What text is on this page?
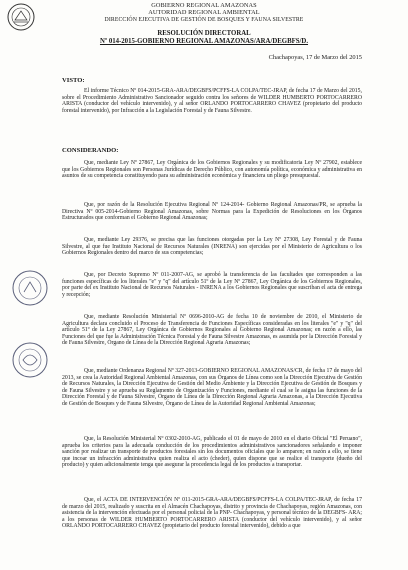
GOBIERNO REGIONAL AMAZONAS
AUTORIDAD REGIONAL AMBIENTAL
DIRECCIÓN EJECUTIVA DE GESTIÓN DE BOSQUES Y FAUNA SILVESTRE
RESOLUCIÓN DIRECTORAL
Nº 014-2015-GOBIERNO REGIONAL AMAZONAS/ARA/DEGBFS/D.
Chachapoyas, 17 de Marzo del 2015
VISTO:
El informe Técnico Nº 014-2015-GRA-ARA/DEGBFS/PCFFS-LA COLPA/TEC-JRAP, de fecha 17 de Marzo del 2015, sobre el Procedimiento Administrativo Sancionador seguido contra los señores de WILDER HUMBERTO PORTOCARRERO ARISTA (conductor del vehículo intervenido), y al señor ORLANDO PORTOCARRERO CHAVEZ (propietario del producto forestal intervenido), por Infracción a la Legislación Forestal y de Fauna Silvestre.
CONSIDERANDO:
Que, mediante Ley Nº 27867, Ley Orgánica de los Gobiernos Regionales y su modificatoria Ley Nº 27902, establece que los Gobiernos Regionales son Personas Jurídicas de Derecho Público, con autonomía política, económica y administrativa en asuntos de su competencia constituyendo para su administración económica y financiera un pliego presupuestal.
Que, por razón de la Resolución Ejecutiva Regional Nº 124-2014- Gobierno Regional Amazonas/PR, se aprueba la Directiva Nº 005-2014-Gobierno Regional Amazonas, sobre Normas para la Expedición de Resoluciones en los Órganos Estructurados que conforman el Gobierno Regional Amazonas;
Que, mediante Ley 29376, se precisa que las funciones otorgadas por la Ley Nº 27308, Ley Forestal y de Fauna Silvestre, al que fue Instituto Nacional de Recursos Naturales (INRENA) son ejercidas por el Ministerio de Agricultura o los Gobiernos Regionales dentro del marco de sus competencias;
Que, por Decreto Supremo Nº 011-2007-AG, se aprobó la transferencia de las facultades que corresponden a las funciones específicas de los literales "e" y "q" del artículo 51º de la Ley Nº 27867, Ley Orgánica de los Gobiernos Regionales, por parte del ex Instituto Nacional de Recursos Naturales - INRENA a los Gobiernos Regionales que suscriban el acta de entrega y recepción;
Que, mediante Resolución Ministerial Nº 0696-2010-AG de fecha 10 de noviembre de 2010, el Ministerio de Agricultura declara concluido el Proceso de Transferencia de Funciones Específicas consideradas en los literales "e" y "q" del artículo 51º de la Ley 27867, Ley Orgánica de Gobiernos Regionales al Gobierno Regional Amazonas; en razón a ello, las Funciones del que fue la Administración Técnica Forestal y de Fauna Silvestre Amazonas, es asumida por la Dirección Forestal y de Fauna Silvestre, Órgano de Línea de la Dirección Regional Agraria Amazonas;
Que, mediante Ordenanza Regional Nº 327-2013-GOBIERNO REGIONAL AMAZONAS/CR, de fecha 17 de mayo del 2013, se crea la Autoridad Regional Ambiental Amazonas, con sus Órganos de Línea como son la Dirección Ejecutiva de Gestión de Recursos Naturales, la Dirección Ejecutiva de Gestión del Medio Ambiente y la Dirección Ejecutiva de Gestión de Bosques y de Fauna Silvestre y se aprueba su Reglamento de Organización y Funciones, mediante el cual se le asigna las funciones de la Dirección Forestal y de Fauna Silvestre, Órgano de Línea de la Dirección Regional Agraria Amazonas, a la Dirección Ejecutiva de Gestión de Bosques y de Fauna Silvestre, Órgano de Línea de la Autoridad Regional Ambiental Amazonas;
Que, la Resolución Ministerial Nº 0302-2010-AG, publicado el 01 de mayo de 2010 en el diario Oficial "El Peruano", aprueba los criterios para la adecuada conducción de los procedimientos administrativos sancionadores señalando e imponer sanción por realizar un transporte de productos forestales sin los documentos oficiales que lo amparen; en razón a ello, se tiene que incoar un infracción administrativa quien realiza el acto (cheder), quien dispone que se realice el transporte (dueño del producto) y quien adicionalmente tenga que asegurar la procedencia legal de los productos a transportar.
Que, el ACTA DE INTERVENCIÓN Nº 011-2015-GRA-ARA/DEGBFS/PCFFS-LA COLPA/TEC-JRAP, de fecha 17 de marzo del 2015, realizado y suscrita en el Almacén Chachapoyas, distrito y provincia de Chachapoyas, región Amazonas, con asistencia de la intervención efectuada por el personal policial de la PNP- Chachapoyas, y personal técnico de la DEGBFS- ARA; a los personas de WILDER HUMBERTO PORTOCARRERO ARISTA (conductor del vehículo intervenido), y al señor ORLANDO PORTOCARRERO CHAVEZ (propietario del producto forestal intervenido), debido a que
